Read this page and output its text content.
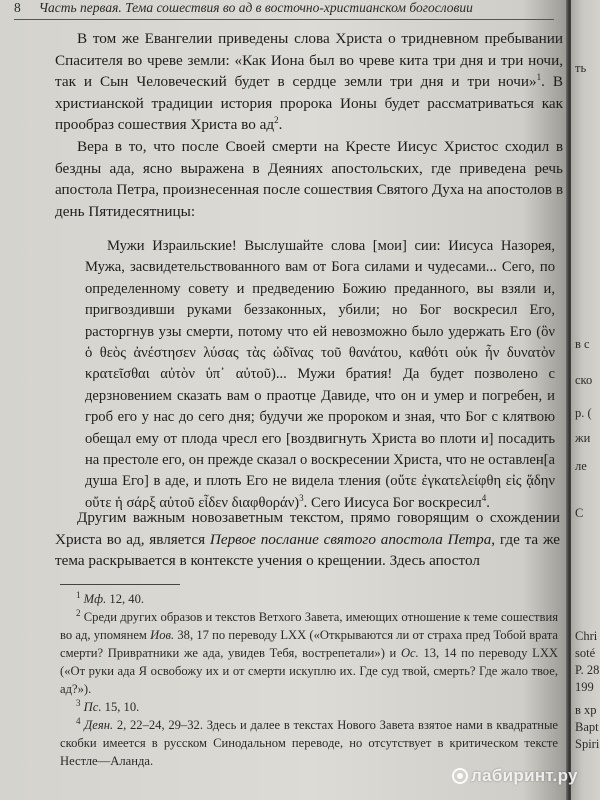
8 Часть первая. Тема сошествия во ад в восточно-христианском богословии

В том же Евангелии приведены слова Христа о тридневном пребывании Спасителя во чреве земли: «Как Иона был во чреве кита три дня и три ночи, так и Сын Человеческий будет в сердце земли три дня и три ночи»$^1$. В христианской традиции история пророка Ионы будет рассматриваться как прообраз сошествия Христа во $ад^2$.

Вера в то, что после Своей смерти на Кресте Иисус Христос сходил в бездны ада, ясно выражена в Деяниях апостольских, где приведена речь апостола Петра, произнесенная после сошествия Святого Духа на апостолов в день Пятидесятницы:

Мужи Израильские! Выслушайте слова [мои] сии: Иисуса Назорея, Мужа, засвидетельствованного вам от Бога силами и чудесами... Сего, по определенному совету и предведению Божию преданного, вы взяли и, пригвоздивши руками беззаконных, убили; но Бог воскресил Его, расторгнув узы смерти, потому что ей невозможно было удержать Его (ὃν ὁ θεὸς ἀνέστησεν λύσας τὰς ὠδῖνας τοῦ θανάτου, καθότι οὐκ ἦν δυνατὸν κρατεῖσθαι αὐτὸν ὑπ᾽ αὐτοῦ)... Мужи братия! Да будет позволено с дерзновением сказать вам о праотце Давиде, что он и умер и погребен, и гроб его у нас до сего дня; будучи же пророком и зная, что Бог с клятвою обещал ему от плода чресл его [воздвигнуть Христа во плоти и] посадить на престоле его, он прежде сказал о воскресении Христа, что не оставлен[а душа Его] в аде, и плоть Его не видела тления (οὔτε ἐγκατελείφθη εἰς ᾅδην οὔτε ἡ σάρξ αὐτοῦ εἶδεν διαφθοράν)$^3$. Сего Иисуса Бог воскресил$^4$.

Другим важным новозаветным текстом, прямо говорящим о схождении Христа во ад, является Первое послание святого апостола Петра, где та же тема раскрывается в контексте учения о крещении. Здесь апостол

$^1$ Мф. 12, 40.

$^2$ Среди других образов и текстов Ветхого Завета, имеющих отношение к теме сошествия во ад, упомянем Иов. 38, 17 по переводу LXX («Открываются ли от страха пред Тобой врата смерти? Привратники же ада, увидев Тебя, вострепетали») и Ос. 13, 14 по переводу LXX («От руки ада Я освобожу их и от смерти искуплю их. Где суд твой, смерть? Где жало твое, ад?»).

$^3$ Пс. 15, 10.

$^4$ Деян. 2, 22–24, 29–32. Здесь и далее в текстах Нового Завета взятое нами в квадратные скобки имеется в русском Синодальном переводе, но отсутствует в критическом тексте Нестле—Аланда.

ть
в с
ско
р. (
жи
ле
С
Chri
soté
P. 28
199
в хр
Bapt
Spiri
лабиринт.ру
